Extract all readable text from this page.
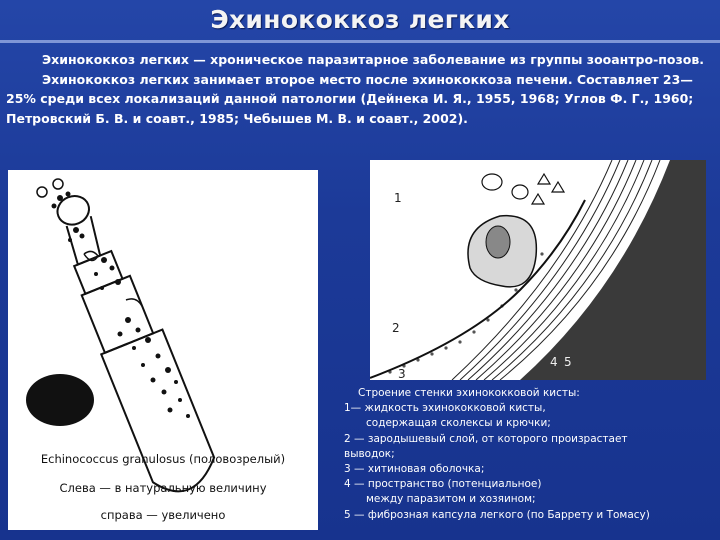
Эхинококкоз легких

Эхинококкоз легких — хроническое паразитарное заболевание из группы зооантро-позов.

Эхинококкоз легких занимает второе место после эхинококкоза печени. Составляет 23—25% среди всех локализаций данной патологии (Дейнека И. Я., 1955, 1968; Углов Ф. Г., 1960; Петровский Б. В. и соавт., 1985; Чебышев М. В. и соавт., 2002).

Echinococcus granulosus (половозрелый)
Слева — в натуральную величину
справа — увеличено
1
2
3
4 5
Строение стенки эхинококковой кисты:
1— жидкость эхинококковой кисты,
содержащая сколексы и крючки;
2 — зародышевый слой, от которого произрастает
выводок;
3 — хитиновая оболочка;
4 — пространство (потенциальное)
между паразитом и хозяином;
5 — фиброзная капсула легкого (по Баррету и Томасу)
